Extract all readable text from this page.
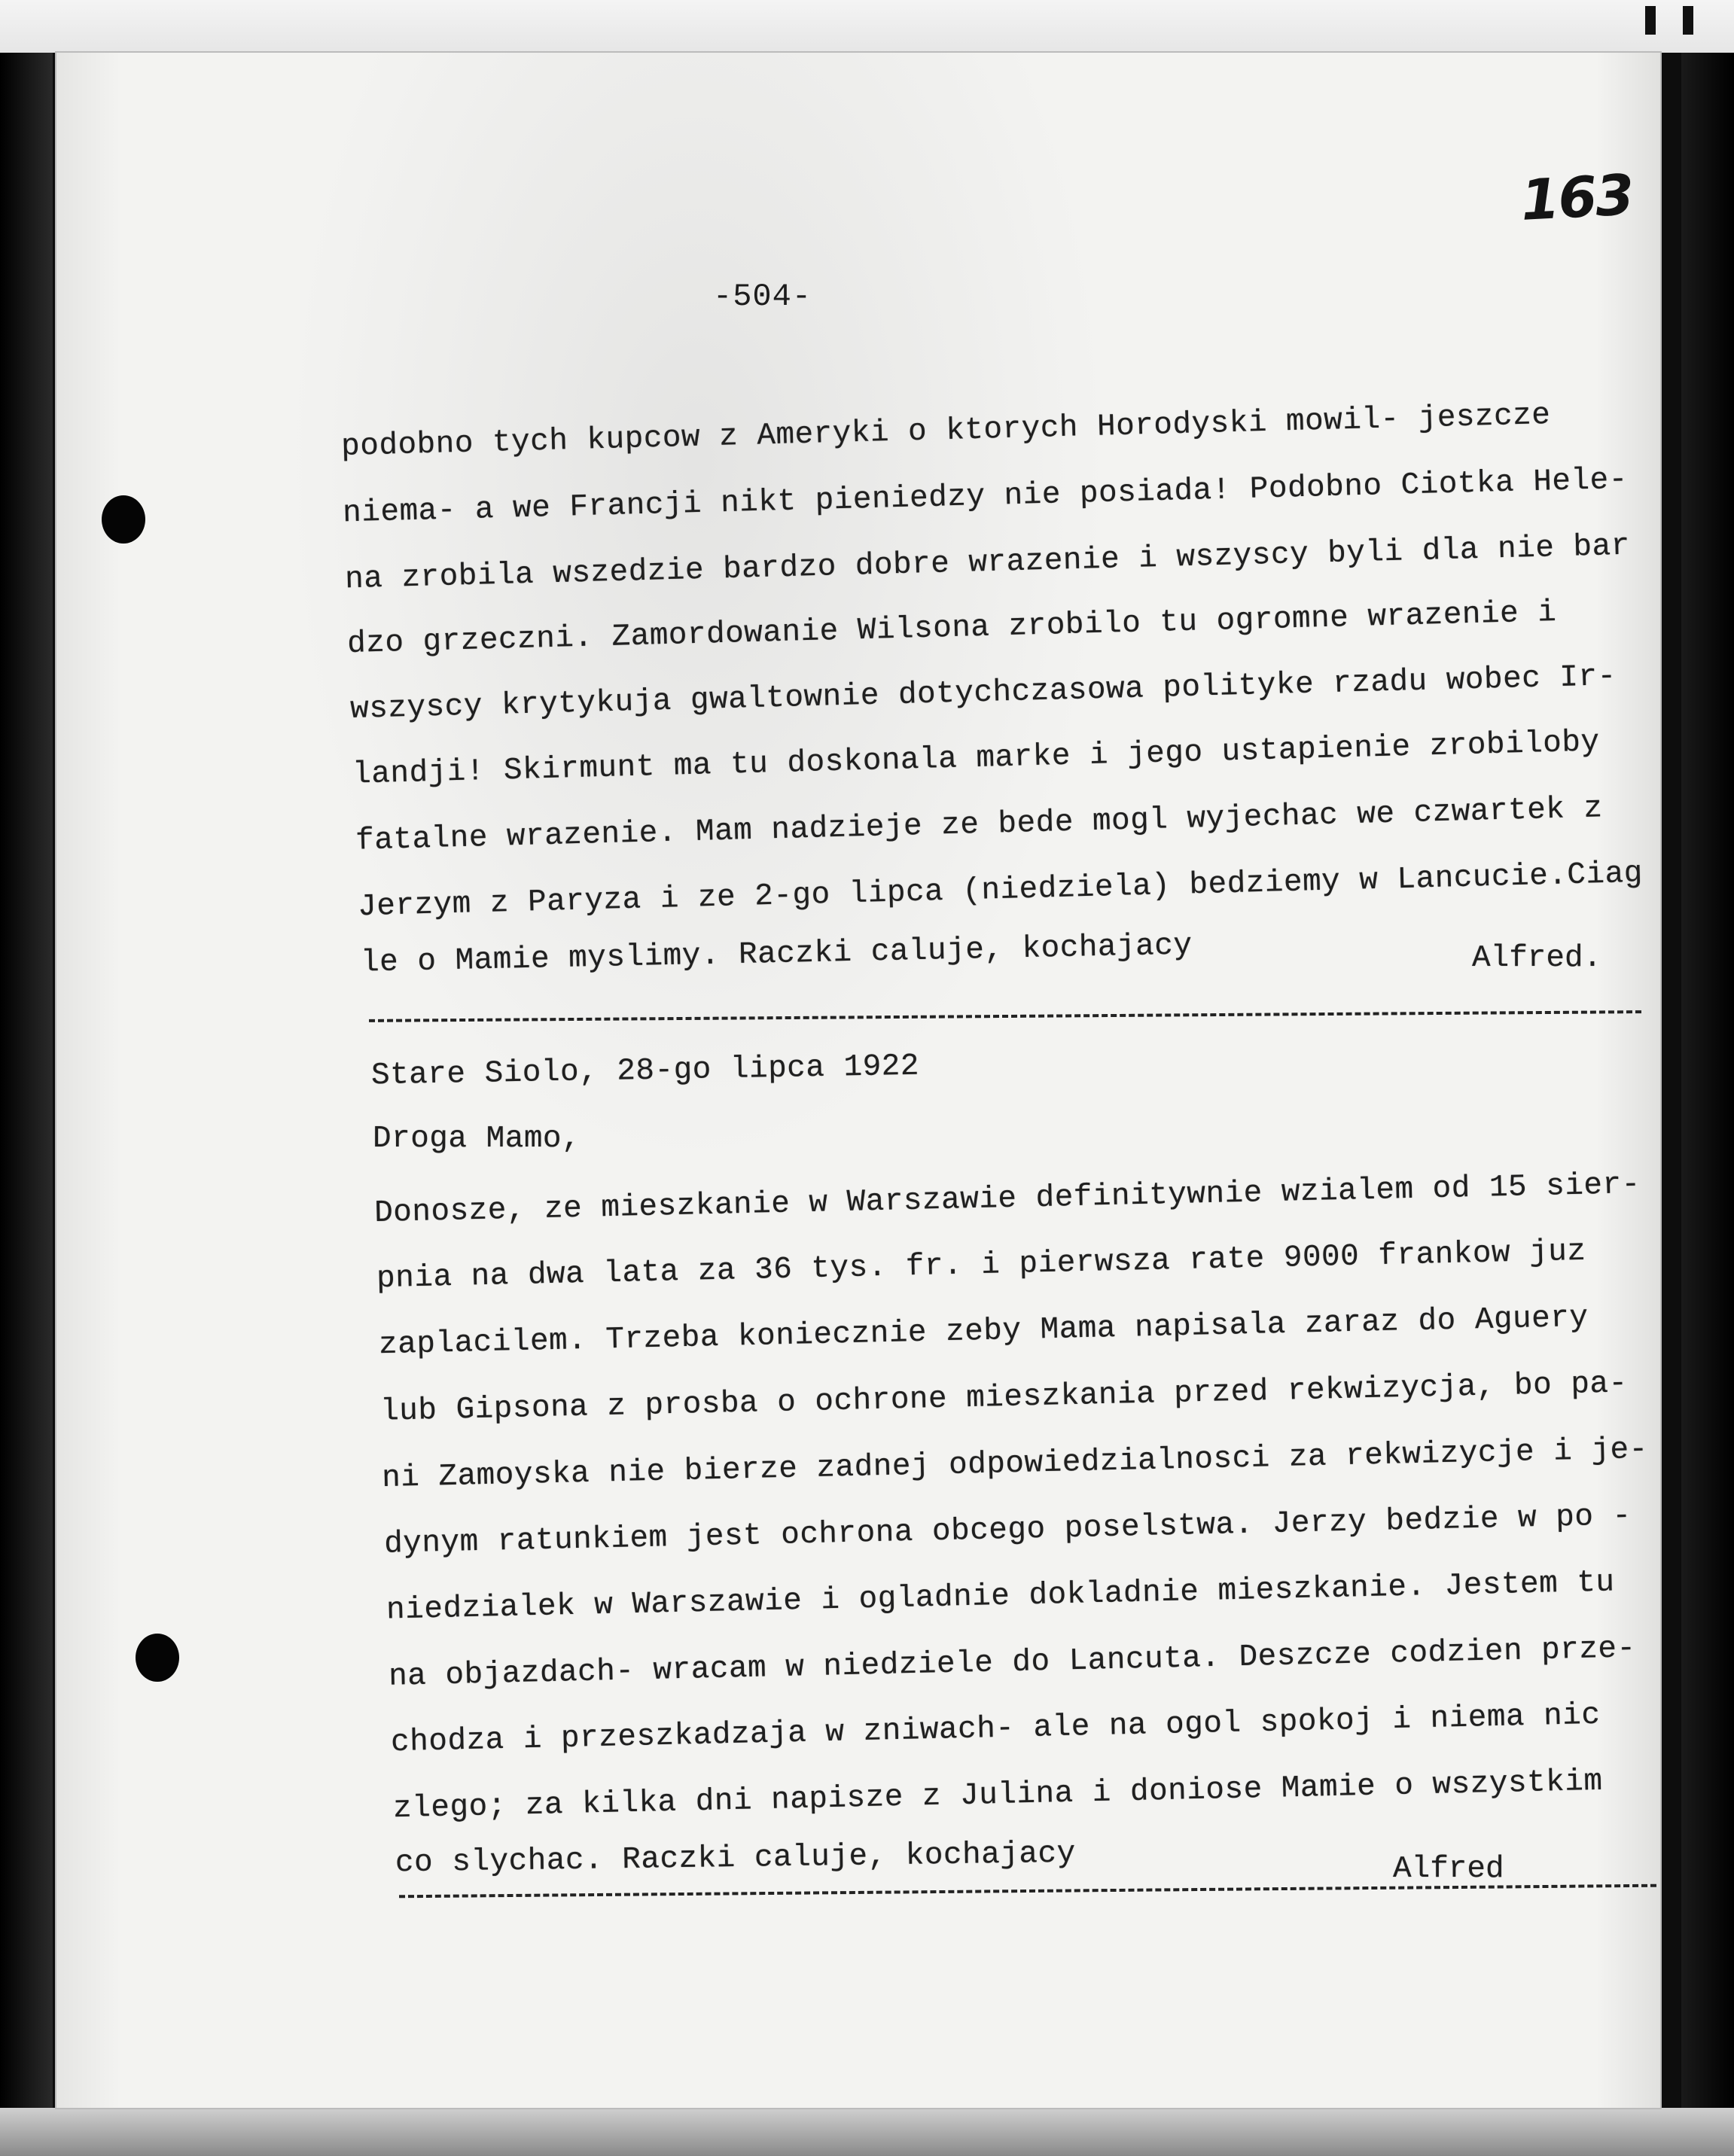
163
-504-
podobno tych kupcow z Ameryki o ktorych Horodyski mowil- jeszcze
niema- a we Francji nikt pieniedzy nie posiada! Podobno Ciotka Hele-
na zrobila wszedzie bardzo dobre wrazenie i wszyscy byli dla nie bar
dzo grzeczni. Zamordowanie Wilsona zrobilo tu ogromne wrazenie i
wszyscy krytykuja gwaltownie dotychczasowa polityke rzadu wobec Ir-
landji! Skirmunt ma tu doskonala marke i jego ustapienie zrobiloby
fatalne wrazenie. Mam nadzieje ze bede mogl wyjechac we czwartek z
Jerzym z Paryza i ze 2-go lipca (niedziela) bedziemy w Lancucie.Ciag
le o Mamie myslimy. Raczki caluje, kochajacy	Alfred.
Stare Siolo, 28-go lipca 1922
Droga Mamo,
Donosze, ze mieszkanie w Warszawie definitywnie wzialem od 15 sier-
pnia na dwa lata za 36 tys. fr. i pierwsza rate 9000 frankow juz
zaplacilem. Trzeba koniecznie zeby Mama napisala zaraz do Aguery
lub Gipsona z prosba o ochrone mieszkania przed rekwizycja, bo pa-
ni Zamoyska nie bierze zadnej odpowiedzialnosci za rekwizycje i je-
dynym ratunkiem jest ochrona obcego poselstwa. Jerzy bedzie w po -
niedzialek w Warszawie i ogladnie dokladnie mieszkanie. Jestem tu
na objazdach- wracam w niedziele do Lancuta. Deszcze codzien prze-
chodza i przeszkadzaja w zniwach- ale na ogol spokoj i niema nic
zlego; za kilka dni napisze z Julina i doniose Mamie o wszystkim
co slychac. Raczki caluje, kochajacy	Alfred
